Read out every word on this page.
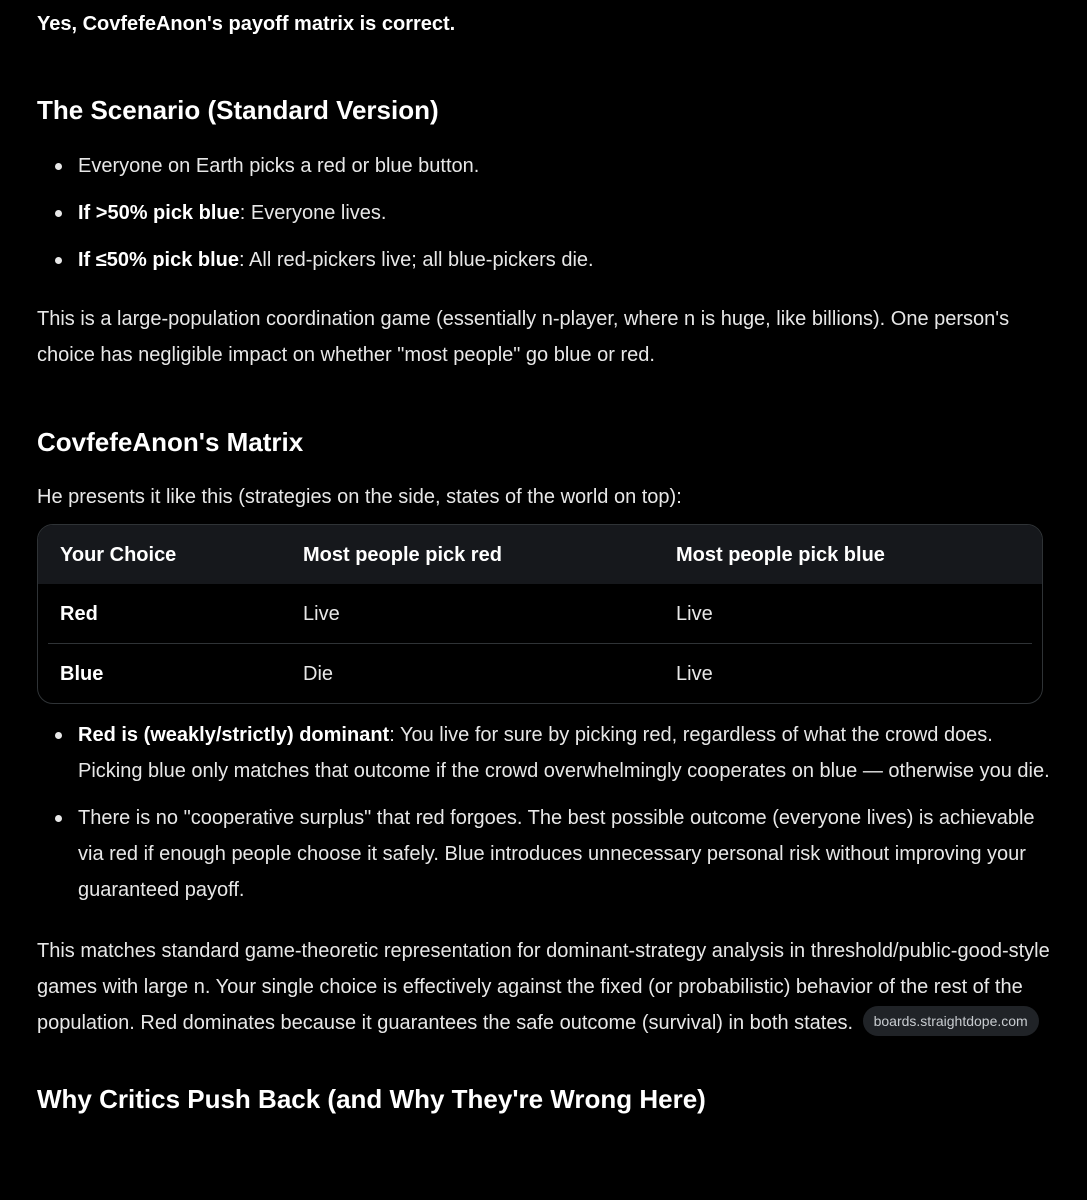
Yes, CovfefeAnon's payoff matrix is correct.

The Scenario (Standard Version)
Everyone on Earth picks a red or blue button.
If >50% pick blue: Everyone lives.
If ≤50% pick blue: All red-pickers live; all blue-pickers die.

This is a large-population coordination game (essentially n-player, where n is huge, like billions). One person's choice has negligible impact on whether "most people" go blue or red.

CovfefeAnon's Matrix

He presents it like this (strategies on the side, states of the world on top):

Your Choice	Most people pick red	Most people pick blue
Red	Live	Live

Blue	Die	Live
Red is (weakly/strictly) dominant: You live for sure by picking red, regardless of what the crowd does. Picking blue only matches that outcome if the crowd overwhelmingly cooperates on blue — otherwise you die.
There is no "cooperative surplus" that red forgoes. The best possible outcome (everyone lives) is achievable via red if enough people choose it safely. Blue introduces unnecessary personal risk without improving your guaranteed payoff.

This matches standard game-theoretic representation for dominant-strategy analysis in threshold/public-good-style games with large n. Your single choice is effectively against the fixed (or probabilistic) behavior of the rest of the population. Red dominates because it guarantees the safe outcome (survival) in both states. boards.straightdope.com

Why Critics Push Back (and Why They're Wrong Here)
